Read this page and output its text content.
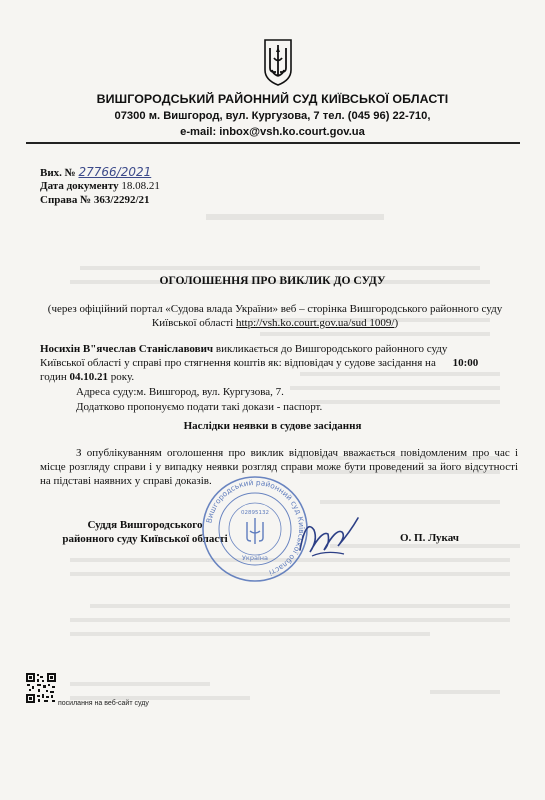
ВИШГОРОДСЬКИЙ РАЙОННИЙ СУД КИЇВСЬКОЇ ОБЛАСТІ
07300 м. Вишгород, вул. Кургузова, 7 тел. (045 96) 22-710,
e-mail: inbox@vsh.ko.court.gov.ua
Вих. № 27766/2021
Дата документу 18.08.21
Справа № 363/2292/21
ОГОЛОШЕННЯ ПРО ВИКЛИК ДО СУДУ
(через офіційний портал «Судова влада України» веб – сторінка Вишгородського районного суду
Київської області http://vsh.ko.court.gov.ua/sud 1009/)
Носихін В"ячеслав Станіславович викликається до Вишгородського районного суду
Київської області у справі про стягнення коштів як: відповідач у судове засідання на 10:00
годин 04.10.21 року.
Адреса суду:м. Вишгород, вул. Кургузова, 7.
Додатково пропонуємо подати такі докази - паспорт.
Наслідки неявки в судове засідання
З опублікуванням оголошення про виклик відповідач вважається повідомленим про час і місце розгляду справи і у випадку неявки розгляд справи може бути проведений за його відсутності на підставі наявних у справі доказів.
Суддя Вишгородського
районного суду Київської області
Вишгородський районний суд Київської області
02895132
Україна
О. П. Лукач
посилання на веб-сайт суду
